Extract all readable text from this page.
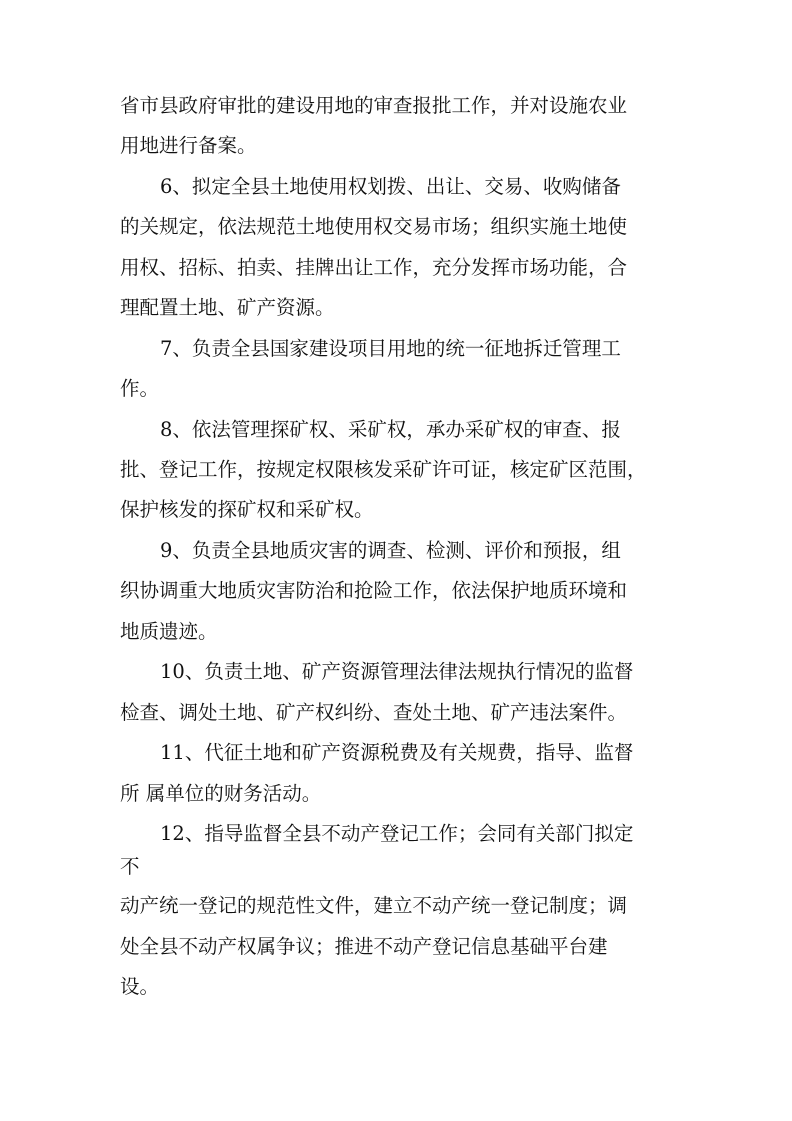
省市县政府审批的建设用地的审查报批工作，并对设施农业
用地进行备案。
6、拟定全县土地使用权划拨、出让、交易、收购储备
的关规定，依法规范土地使用权交易市场；组织实施土地使
用权、招标、拍卖、挂牌出让工作，充分发挥市场功能，合
理配置土地、矿产资源。
7、负责全县国家建设项目用地的统一征地拆迁管理工
作。
8、依法管理探矿权、采矿权，承办采矿权的审查、报
批、登记工作，按规定权限核发采矿许可证，核定矿区范围，
保护核发的探矿权和采矿权。
9、负责全县地质灾害的调查、检测、评价和预报，组
织协调重大地质灾害防治和抢险工作，依法保护地质环境和
地质遗迹。
10、负责土地、矿产资源管理法律法规执行情况的监督
检查、调处土地、矿产权纠纷、查处土地、矿产违法案件。
11、代征土地和矿产资源税费及有关规费，指导、监督
所 属单位的财务活动。
12、指导监督全县不动产登记工作；会同有关部门拟定
不
动产统一登记的规范性文件，建立不动产统一登记制度；调
处全县不动产权属争议；推进不动产登记信息基础平台建
设。
